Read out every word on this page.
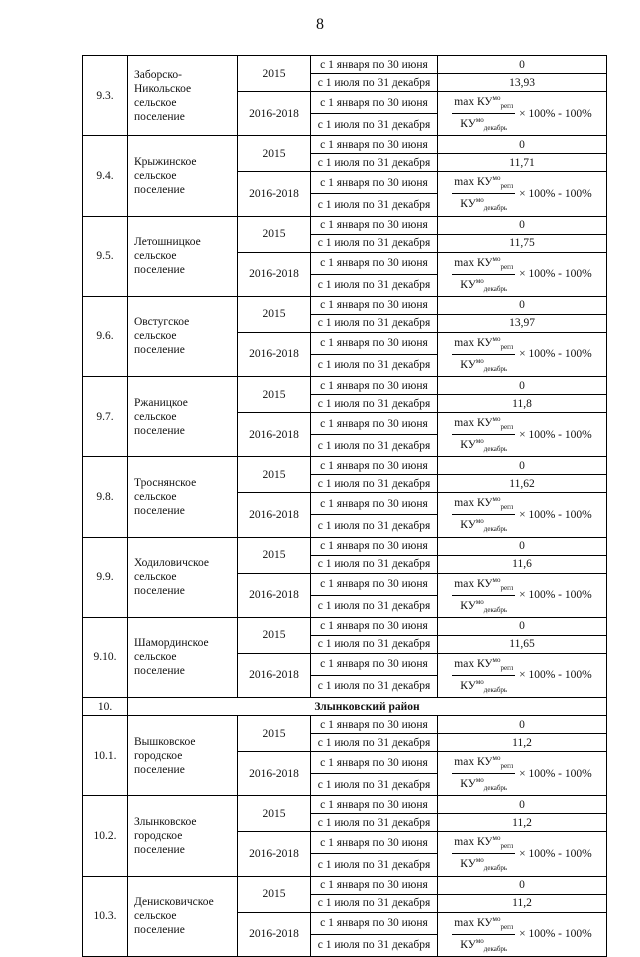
8
9.3.	Заборско-
Никольское
сельское
поселение	2015	с 1 января по 30 июня	0
			с 1 июля по 31 декабря	13,93
		2016-2018	с 1 января по 30 июня	$\frac{\max КУ^{мо}_{регл}}{КУ^{мо}_{декабрь}} \times 100\% - 100\%$
			с 1 июля по 31 декабря	
9.4.	Крыжинское
сельское
поселение	2015	с 1 января по 30 июня	0
			с 1 июля по 31 декабря	11,71
		2016-2018	с 1 января по 30 июня	$\frac{\max КУ^{мо}_{регл}}{КУ^{мо}_{декабрь}} \times 100\% - 100\%$
			с 1 июля по 31 декабря	
9.5.	Летошницкое
сельское
поселение	2015	с 1 января по 30 июня	0
			с 1 июля по 31 декабря	11,75
		2016-2018	с 1 января по 30 июня	$\frac{\max КУ^{мо}_{регл}}{КУ^{мо}_{декабрь}} \times 100\% - 100\%$
			с 1 июля по 31 декабря	
9.6.	Овстугское
сельское
поселение	2015	с 1 января по 30 июня	0
			с 1 июля по 31 декабря	13,97
		2016-2018	с 1 января по 30 июня	$\frac{\max КУ^{мо}_{регл}}{КУ^{мо}_{декабрь}} \times 100\% - 100\%$
			с 1 июля по 31 декабря	
9.7.	Ржаницкое
сельское
поселение	2015	с 1 января по 30 июня	0
			с 1 июля по 31 декабря	11,8
		2016-2018	с 1 января по 30 июня	$\frac{\max КУ^{мо}_{регл}}{КУ^{мо}_{декабрь}} \times 100\% - 100\%$
			с 1 июля по 31 декабря	
9.8.	Троснянское
сельское
поселение	2015	с 1 января по 30 июня	0
			с 1 июля по 31 декабря	11,62
		2016-2018	с 1 января по 30 июня	$\frac{\max КУ^{мо}_{регл}}{КУ^{мо}_{декабрь}} \times 100\% - 100\%$
			с 1 июля по 31 декабря	
9.9.	Ходиловичское
сельское
поселение	2015	с 1 января по 30 июня	0
			с 1 июля по 31 декабря	11,6
		2016-2018	с 1 января по 30 июня	$\frac{\max КУ^{мо}_{регл}}{КУ^{мо}_{декабрь}} \times 100\% - 100\%$
			с 1 июля по 31 декабря	
9.10.	Шамординское
сельское
поселение	2015	с 1 января по 30 июня	0
			с 1 июля по 31 декабря	11,65
		2016-2018	с 1 января по 30 июня	$\frac{\max КУ^{мо}_{регл}}{КУ^{мо}_{декабрь}} \times 100\% - 100\%$
			с 1 июля по 31 декабря	
10.	Злынковский район			
10.1.	Вышковское
городское
поселение	2015	с 1 января по 30 июня	0
			с 1 июля по 31 декабря	11,2
		2016-2018	с 1 января по 30 июня	$\frac{\max КУ^{мо}_{регл}}{КУ^{мо}_{декабрь}} \times 100\% - 100\%$
			с 1 июля по 31 декабря	
10.2.	Злынковское
городское
поселение	2015	с 1 января по 30 июня	0
			с 1 июля по 31 декабря	11,2
		2016-2018	с 1 января по 30 июня	$\frac{\max КУ^{мо}_{регл}}{КУ^{мо}_{декабрь}} \times 100\% - 100\%$
			с 1 июля по 31 декабря	
10.3.	Денисковичское
сельское
поселение	2015	с 1 января по 30 июня	0
			с 1 июля по 31 декабря	11,2
		2016-2018	с 1 января по 30 июня	$\frac{\max КУ^{мо}_{регл}}{КУ^{мо}_{декабрь}} \times 100\% - 100\%$
			с 1 июля по 31 декабря	
